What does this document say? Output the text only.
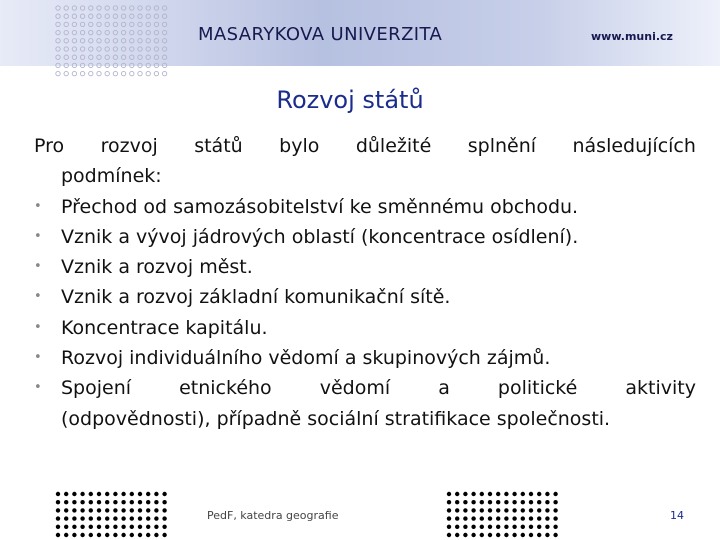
MASARYKOVA UNIVERZITA	www.muni.cz
Rozvoj států
Pro rozvoj států bylo důležité splnění následujících
podmínek:
•	Přechod od samozásobitelství ke směnnému obchodu.
•	Vznik a vývoj jádrových oblastí (koncentrace osídlení).
•	Vznik a rozvoj měst.
•	Vznik a rozvoj základní komunikační sítě.
•	Koncentrace kapitálu.
•	Rozvoj individuálního vědomí a skupinových zájmů.
•	Spojení	etnického	vědomí	a	politické	aktivity
(odpovědnosti), případně sociální stratifikace společnosti.
PedF, katedra geografie	14
